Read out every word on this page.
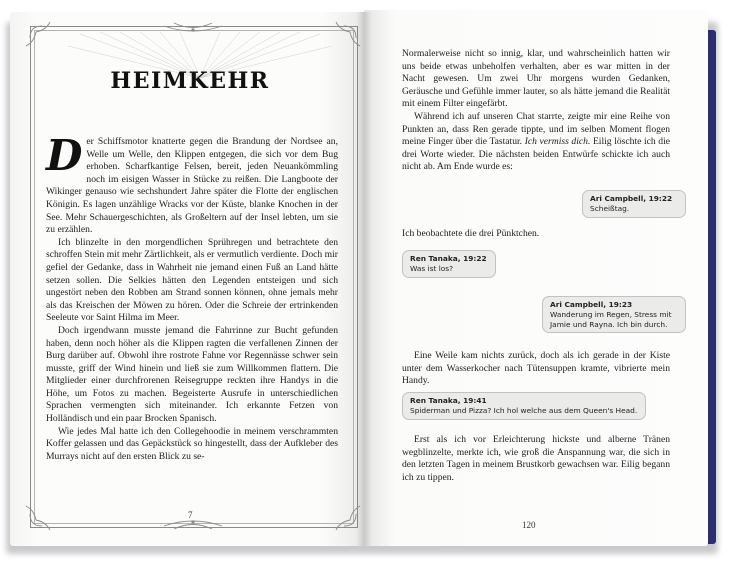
HEIMKEHR

Der Schiffsmotor knatterte gegen die Brandung der Nordsee an, Welle um Welle, den Klippen entgegen, die sich vor dem Bug erhoben. Scharfkantige Felsen, bereit, jeden Neuankömmling noch im eisigen Wasser in Stücke zu reißen. Die Langboote der Wikinger genauso wie sechshundert Jahre später die Flotte der englischen Königin. Es lagen unzählige Wracks vor der Küste, blanke Knochen in der See. Mehr Schauergeschichten, als Großeltern auf der Insel lebten, um sie zu erzählen.

Ich blinzelte in den morgendlichen Sprühregen und betrachtete den schroffen Stein mit mehr Zärtlichkeit, als er vermutlich verdiente. Doch mir gefiel der Gedanke, dass in Wahrheit nie jemand einen Fuß an Land hätte setzen sollen. Die Selkies hätten den Legenden entsteigen und sich ungestört neben den Robben am Strand sonnen können, ohne jemals mehr als das Kreischen der Möwen zu hören. Oder die Schreie der ertrinkenden Seeleute vor Saint Hilma im Meer.

Doch irgendwann musste jemand die Fahrrinne zur Bucht gefunden haben, denn noch höher als die Klippen ragten die verfallenen Zinnen der Burg darüber auf. Obwohl ihre rostrote Fahne vor Regennässe schwer sein musste, griff der Wind hinein und ließ sie zum Willkommen flattern. Die Mitglieder einer durchfrorenen Reisegruppe reckten ihre Handys in die Höhe, um Fotos zu machen. Begeisterte Ausrufe in unterschiedlichen Sprachen vermengten sich miteinander. Ich erkannte Fetzen von Holländisch und ein paar Brocken Spanisch.

Wie jedes Mal hatte ich den Collegehoodie in meinem verschrammten Koffer gelassen und das Gepäckstück so hingestellt, dass der Aufkleber des Murrays nicht auf den ersten Blick zu se-

7

Normalerweise nicht so innig, klar, und wahrscheinlich hatten wir uns beide etwas unbeholfen verhalten, aber es war mitten in der Nacht gewesen. Um zwei Uhr morgens wurden Gedanken, Geräusche und Gefühle immer lauter, so als hätte jemand die Realität mit einem Filter eingefärbt.

Während ich auf unseren Chat starrte, zeigte mir eine Reihe von Punkten an, dass Ren gerade tippte, und im selben Moment flogen meine Finger über die Tastatur. Ich vermiss dich. Eilig löschte ich die drei Worte wieder. Die nächsten beiden Entwürfe schickte ich auch nicht ab. Am Ende wurde es:

Ari Campbell, 19:22
Scheißtag.

Ich beobachtete die drei Pünktchen.

Ren Tanaka, 19:22
Was ist los?
Ari Campbell, 19:23
Wanderung im Regen, Stress mit Jamie und Rayna. Ich bin durch.

Eine Weile kam nichts zurück, doch als ich gerade in der Kiste unter dem Wasserkocher nach Tütensuppen kramte, vibrierte mein Handy.

Ren Tanaka, 19:41
Spiderman und Pizza? Ich hol welche aus dem Queen's Head.

Erst als ich vor Erleichterung hickste und alberne Tränen wegblinzelte, merkte ich, wie groß die Anspannung war, die sich in den letzten Tagen in meinem Brustkorb gewachsen war. Eilig begann ich zu tippen.

120
